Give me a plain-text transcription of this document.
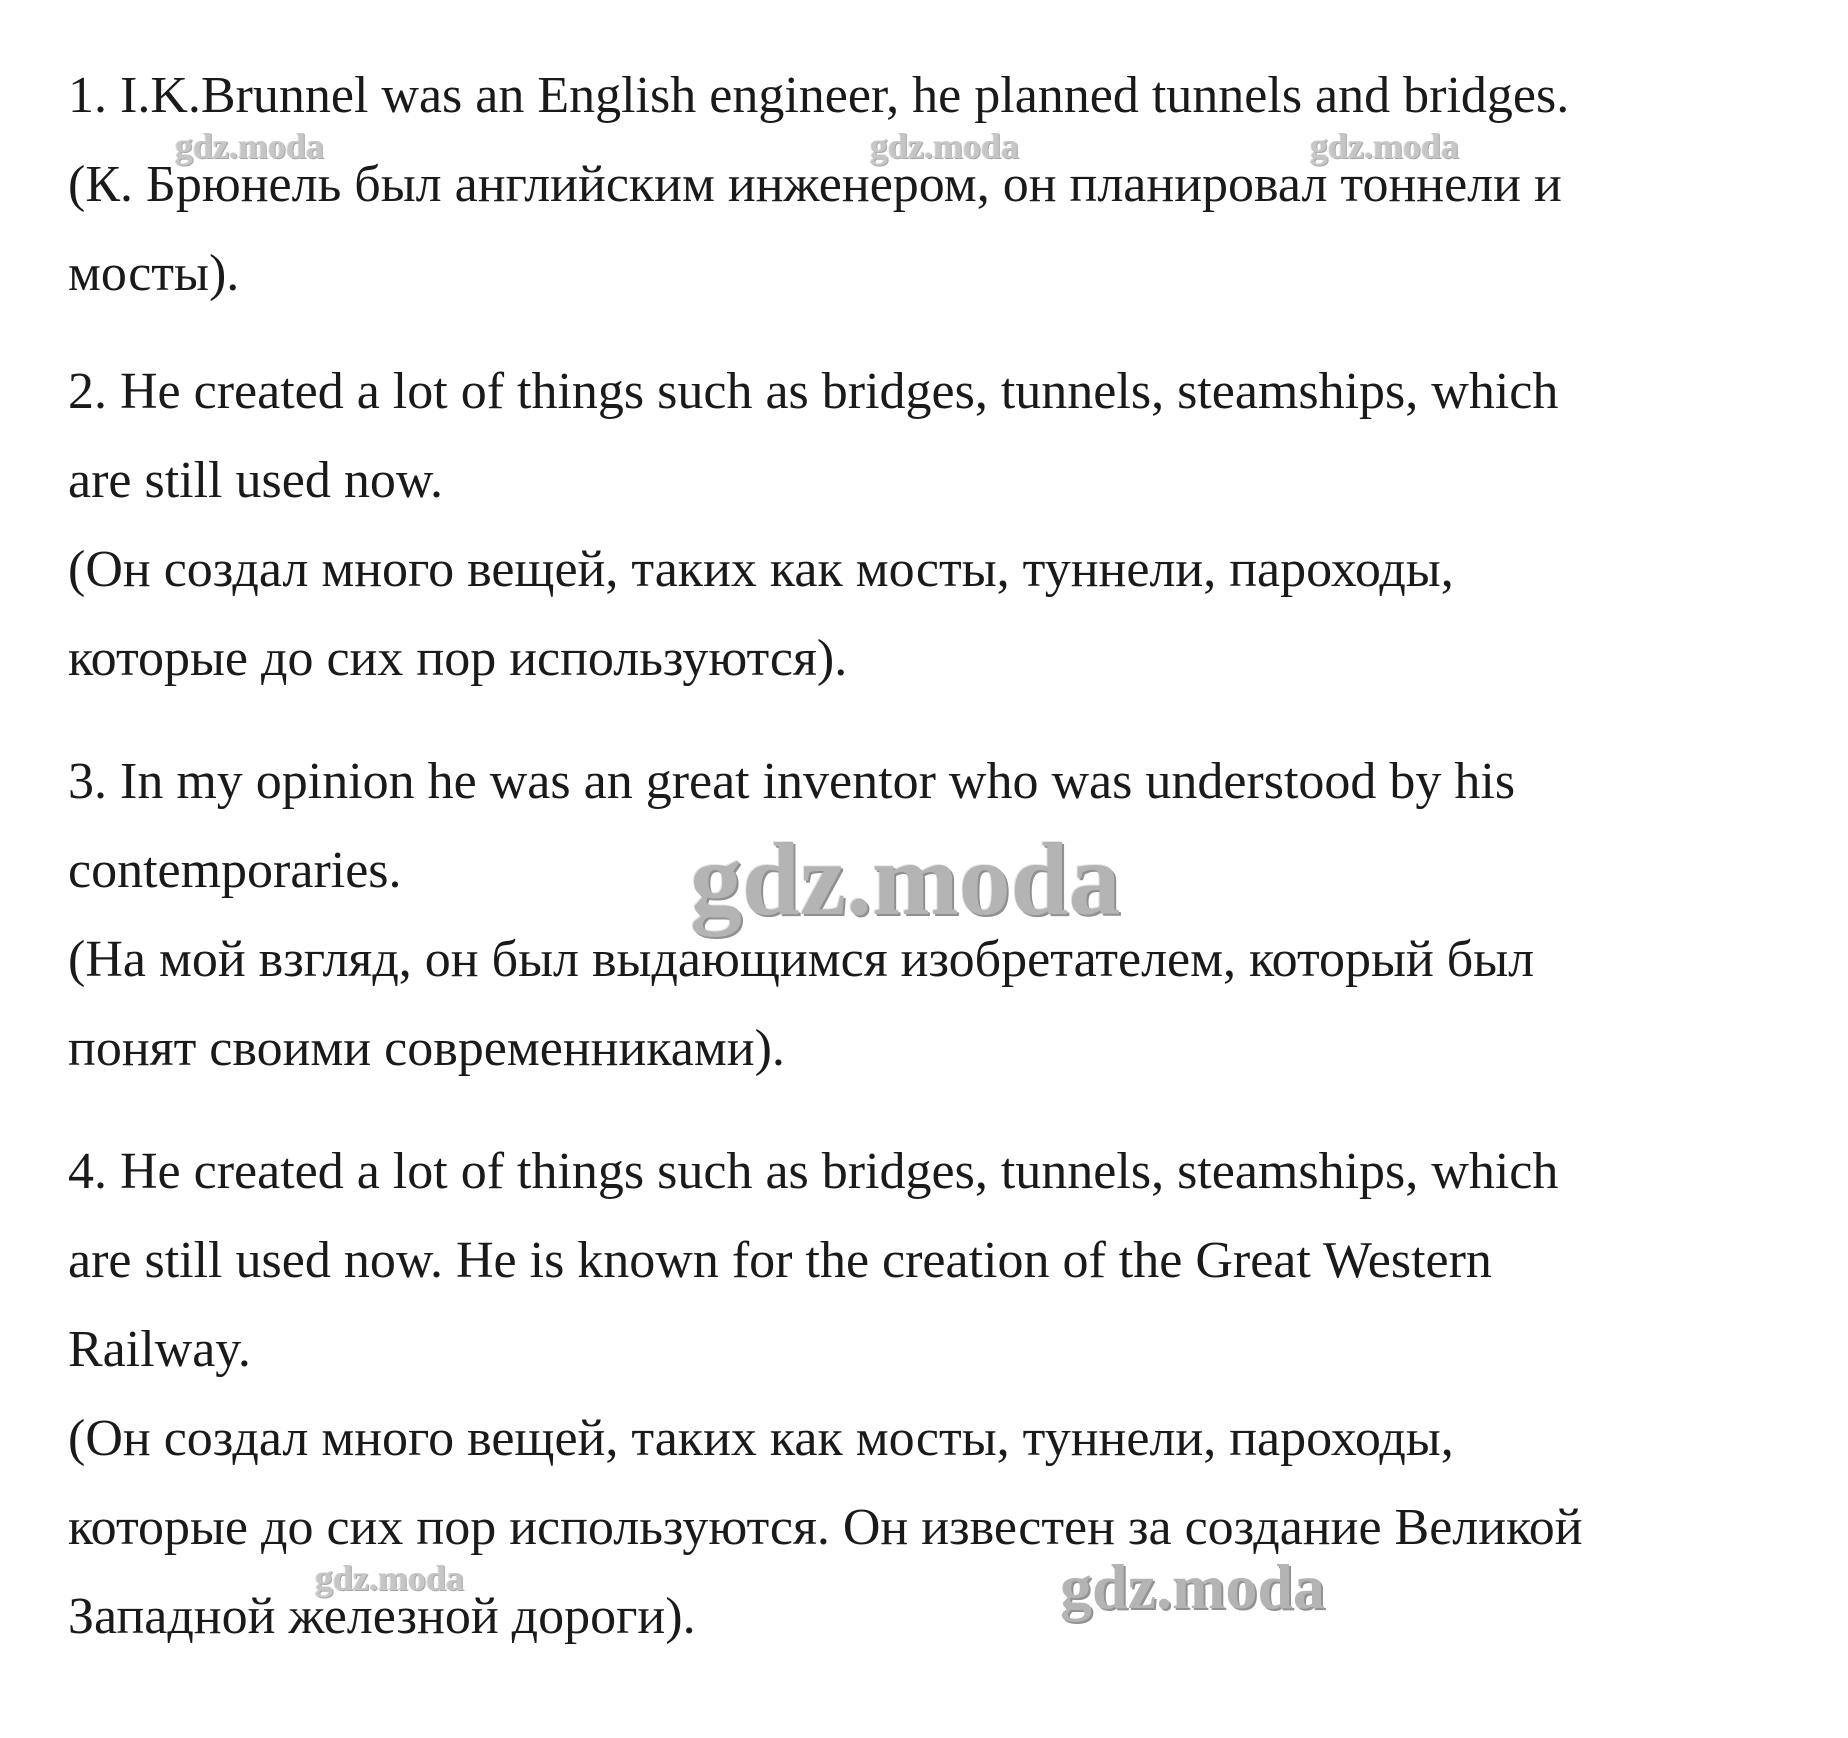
gdz.moda	gdz.moda	gdz.moda
gdz.moda
gdz.moda	gdz.moda
1. I.K.Brunnel was an English engineer, he planned tunnels and bridges.
(К. Брюнель был английским инженером, он планировал тоннели и
мосты).
2. He created a lot of things such as bridges, tunnels, steamships, which
are still used now.
(Он создал много вещей, таких как мосты, туннели, пароходы,
которые до сих пор используются).
3. In my opinion he was an great inventor who was understood by his
contemporaries.
(На мой взгляд, он был выдающимся изобретателем, который был
понят своими современниками).
4. He created a lot of things such as bridges, tunnels, steamships, which
are still used now. He is known for the creation of the Great Western
Railway.
(Он создал много вещей, таких как мосты, туннели, пароходы,
которые до сих пор используются. Он известен за создание Великой
Западной железной дороги).
